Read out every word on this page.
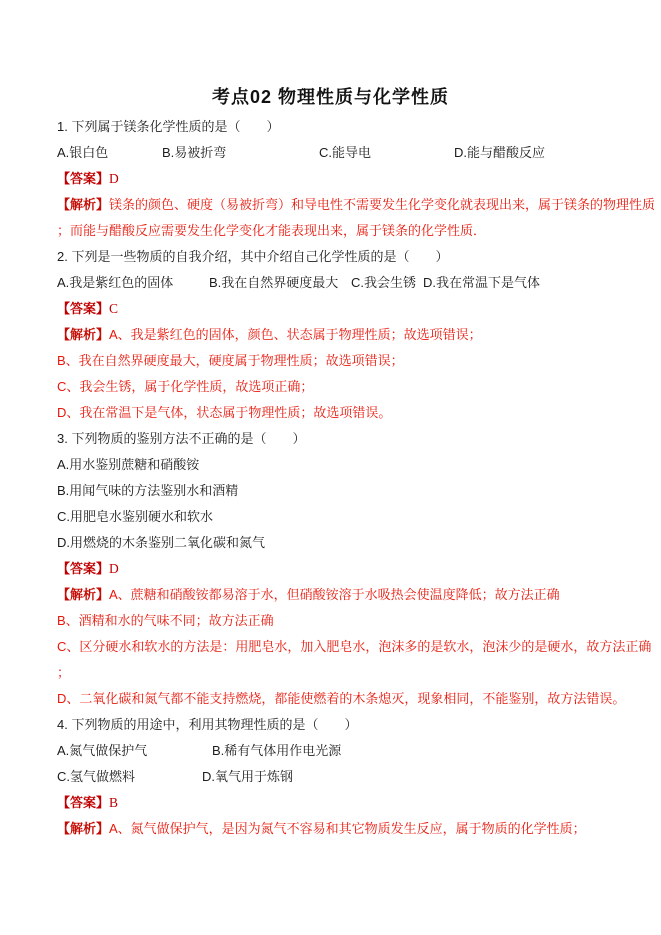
考点02 物理性质与化学性质

1. 下列属于镁条化学性质的是（　　）

A.银白色	B.易被折弯	C.能导电	D.能与醋酸反应

【答案】D

【解析】镁条的颜色、硬度（易被折弯）和导电性不需要发生化学变化就表现出来，属于镁条的物理性质

；而能与醋酸反应需要发生化学变化才能表现出来，属于镁条的化学性质．

2. 下列是一些物质的自我介绍，其中介绍自己化学性质的是（　　）

A.我是紫红色的固体	B.我在自然界硬度最大 C.我会生锈 D.我在常温下是气体

【答案】C

【解析】A、我是紫红色的固体，颜色、状态属于物理性质；故选项错误；

B、我在自然界硬度最大，硬度属于物理性质；故选项错误；

C、我会生锈，属于化学性质，故选项正确；

D、我在常温下是气体，状态属于物理性质；故选项错误。

3. 下列物质的鉴别方法不正确的是（　　）

A.用水鉴别蔗糖和硝酸铵

B.用闻气味的方法鉴别水和酒精

C.用肥皂水鉴别硬水和软水

D.用燃烧的木条鉴别二氧化碳和氮气

【答案】D

【解析】A、蔗糖和硝酸铵都易溶于水，但硝酸铵溶于水吸热会使温度降低；故方法正确

B、酒精和水的气味不同；故方法正确

C、区分硬水和软水的方法是：用肥皂水，加入肥皂水，泡沫多的是软水，泡沫少的是硬水，故方法正确

；

D、二氧化碳和氮气都不能支持燃烧，都能使燃着的木条熄灭，现象相同，不能鉴别，故方法错误。

4. 下列物质的用途中，利用其物理性质的是（　　）

A.氮气做保护气	B.稀有气体用作电光源

C.氢气做燃料	D.氧气用于炼钢

【答案】B

【解析】A、氮气做保护气，是因为氮气不容易和其它物质发生反应，属于物质的化学性质；
